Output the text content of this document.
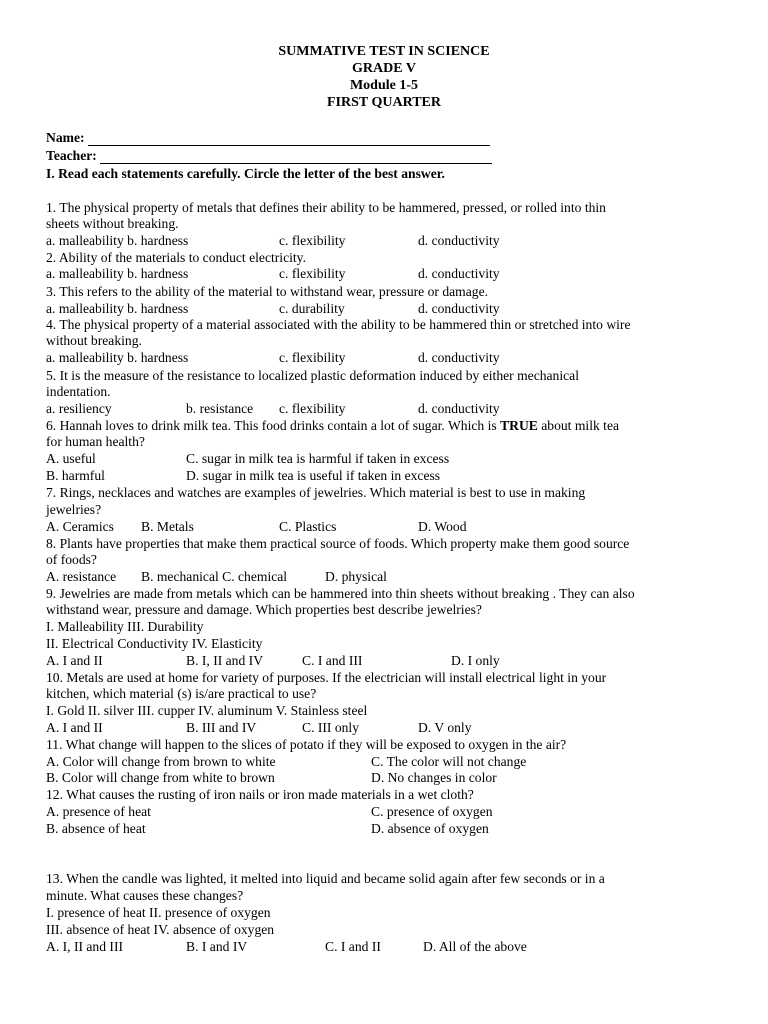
SUMMATIVE TEST IN SCIENCE
GRADE V
Module 1-5
FIRST QUARTER
Name:
Teacher:
I. Read each statements carefully. Circle the letter of the best answer.
1. The physical property of metals that defines their ability to be hammered, pressed, or rolled into thin
sheets without breaking.
a. malleability b. hardness	c. flexibility	d. conductivity
2. Ability of the materials to conduct electricity.
a. malleability b. hardness	c. flexibility	d. conductivity
3. This refers to the ability of the material to withstand wear, pressure or damage.
a. malleability b. hardness	c. durability	d. conductivity
4. The physical property of a material associated with the ability to be hammered thin or stretched into wire
without breaking.
a. malleability b. hardness	c. flexibility	d. conductivity
5. It is the measure of the resistance to localized plastic deformation induced by either mechanical
indentation.
a. resiliency	b. resistance c. flexibility	d. conductivity
6. Hannah loves to drink milk tea. This food drinks contain a lot of sugar. Which is TRUE about milk tea
for human health?
A. useful	C. sugar in milk tea is harmful if taken in excess
B. harmful	D. sugar in milk tea is useful if taken in excess
7. Rings, necklaces and watches are examples of jewelries. Which material is best to use in making
jewelries?
A. Ceramics B. Metals	C. Plastics	D. Wood
8. Plants have properties that make them practical source of foods. Which property make them good source
of foods?
A. resistance B. mechanical C. chemical	D. physical
9. Jewelries are made from metals which can be hammered into thin sheets without breaking . They can also
withstand wear, pressure and damage. Which properties best describe jewelries?
I. Malleability III. Durability
II. Electrical Conductivity IV. Elasticity
A. I and II	B. I, II and IV	C. I and III	D. I only
10. Metals are used at home for variety of purposes. If the electrician will install electrical light in your
kitchen, which material (s) is/are practical to use?
I. Gold II. silver III. cupper IV. aluminum V. Stainless steel
A. I and II	B. III and IV	C. III only	D. V only
11. What change will happen to the slices of potato if they will be exposed to oxygen in the air?
A. Color will change from brown to white	C. The color will not change
B. Color will change from white to brown	D. No changes in color
12. What causes the rusting of iron nails or iron made materials in a wet cloth?
A. presence of heat	C. presence of oxygen
B. absence of heat	D. absence of oxygen
13. When the candle was lighted, it melted into liquid and became solid again after few seconds or in a
minute. What causes these changes?
I. presence of heat II. presence of oxygen
III. absence of heat IV. absence of oxygen
A. I, II and III	B. I and IV	C. I and II	D. All of the above
